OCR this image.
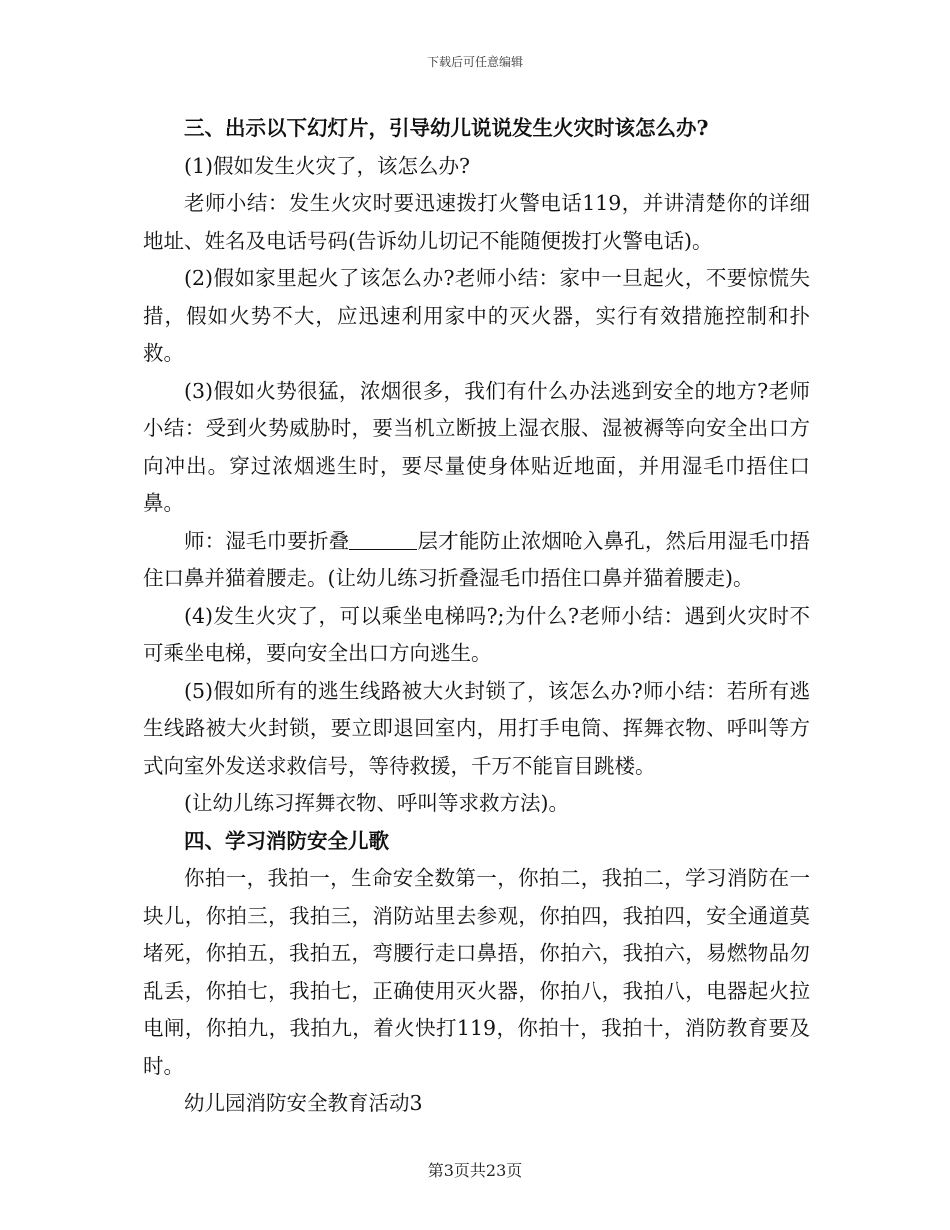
下载后可任意编辑

三、出示以下幻灯片，引导幼儿说说发生火灾时该怎么办?

(1)假如发生火灾了，该怎么办?

老师小结：发生火灾时要迅速拨打火警电话119，并讲清楚你的详细地址、姓名及电话号码(告诉幼儿切记不能随便拨打火警电话)。

(2)假如家里起火了该怎么办?老师小结：家中一旦起火，不要惊慌失措，假如火势不大，应迅速利用家中的灭火器，实行有效措施控制和扑救。

(3)假如火势很猛，浓烟很多，我们有什么办法逃到安全的地方?老师小结：受到火势威胁时，要当机立断披上湿衣服、湿被褥等向安全出口方向冲出。穿过浓烟逃生时，要尽量使身体贴近地面，并用湿毛巾捂住口鼻。

师：湿毛巾要折叠	层才能防止浓烟呛入鼻孔，然后用湿毛巾捂住口鼻并猫着腰走。(让幼儿练习折叠湿毛巾捂住口鼻并猫着腰走)。

(4)发生火灾了，可以乘坐电梯吗?;为什么?老师小结：遇到火灾时不可乘坐电梯，要向安全出口方向逃生。

(5)假如所有的逃生线路被大火封锁了，该怎么办?师小结：若所有逃生线路被大火封锁，要立即退回室内，用打手电筒、挥舞衣物、呼叫等方式向室外发送求救信号，等待救援，千万不能盲目跳楼。

(让幼儿练习挥舞衣物、呼叫等求救方法)。

四、学习消防安全儿歌

你拍一，我拍一，生命安全数第一，你拍二，我拍二，学习消防在一块儿，你拍三，我拍三，消防站里去参观，你拍四，我拍四，安全通道莫堵死，你拍五，我拍五，弯腰行走口鼻捂，你拍六，我拍六，易燃物品勿乱丢，你拍七，我拍七，正确使用灭火器，你拍八，我拍八，电器起火拉电闸，你拍九，我拍九，着火快打119，你拍十，我拍十，消防教育要及时。

幼儿园消防安全教育活动3

第3页共23页
